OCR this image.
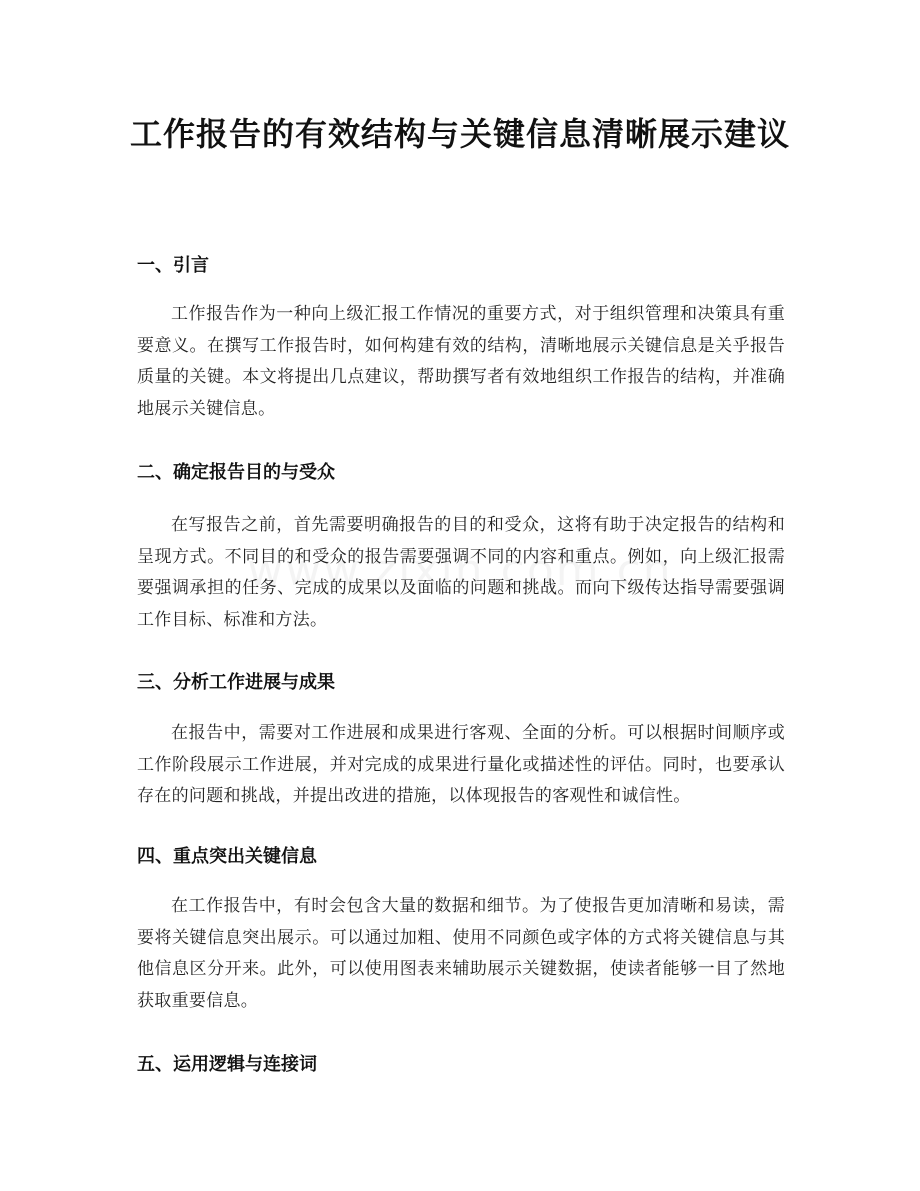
工作报告的有效结构与关键信息清晰展示建议
一、引言

工作报告作为一种向上级汇报工作情况的重要方式，对于组织管理和决策具有重要意义。在撰写工作报告时，如何构建有效的结构，清晰地展示关键信息是关乎报告质量的关键。本文将提出几点建议，帮助撰写者有效地组织工作报告的结构，并准确地展示关键信息。

二、确定报告目的与受众

在写报告之前，首先需要明确报告的目的和受众，这将有助于决定报告的结构和呈现方式。不同目的和受众的报告需要强调不同的内容和重点。例如，向上级汇报需要强调承担的任务、完成的成果以及面临的问题和挑战。而向下级传达指导需要强调工作目标、标准和方法。

三、分析工作进展与成果

在报告中，需要对工作进展和成果进行客观、全面的分析。可以根据时间顺序或工作阶段展示工作进展，并对完成的成果进行量化或描述性的评估。同时，也要承认存在的问题和挑战，并提出改进的措施，以体现报告的客观性和诚信性。

四、重点突出关键信息

在工作报告中，有时会包含大量的数据和细节。为了使报告更加清晰和易读，需要将关键信息突出展示。可以通过加粗、使用不同颜色或字体的方式将关键信息与其他信息区分开来。此外，可以使用图表来辅助展示关键数据，使读者能够一目了然地获取重要信息。

五、运用逻辑与连接词
